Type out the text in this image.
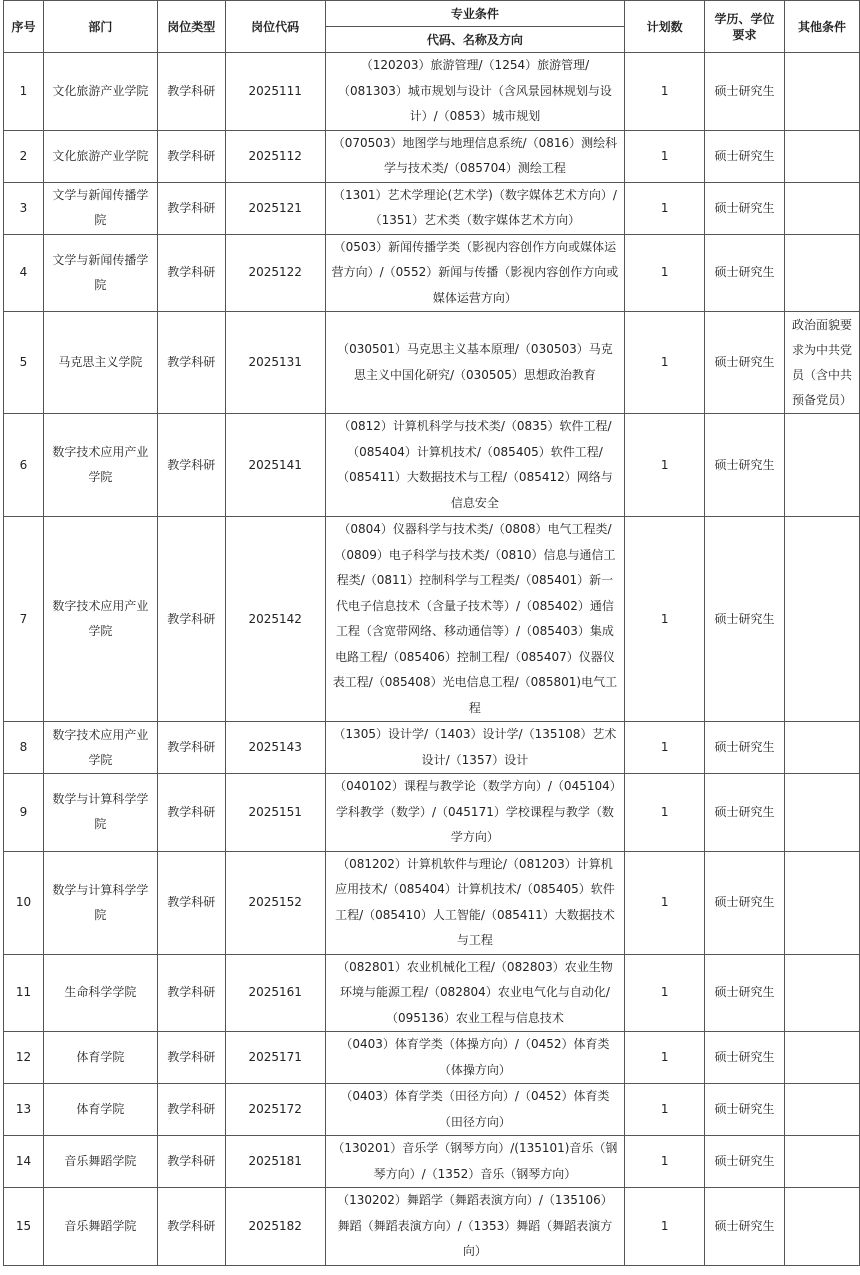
序号	部门	岗位类型	岗位代码	专业条件	计划数	学历、学位要求	其他条件
				代码、名称及方向			
1	文化旅游产业学院	教学科研	2025111	（120203）旅游管理/（1254）旅游管理/（081303）城市规划与设计（含风景园林规划与设计）/（0853）城市规划	1	硕士研究生	
2	文化旅游产业学院	教学科研	2025112	（070503）地图学与地理信息系统/（0816）测绘科学与技术类/（085704）测绘工程	1	硕士研究生	
3	文学与新闻传播学院	教学科研	2025121	（1301）艺术学理论(艺术学)（数字媒体艺术方向）/（1351）艺术类（数字媒体艺术方向）	1	硕士研究生	
4	文学与新闻传播学院	教学科研	2025122	（0503）新闻传播学类（影视内容创作方向或媒体运营方向）/（0552）新闻与传播（影视内容创作方向或媒体运营方向）	1	硕士研究生	
5	马克思主义学院	教学科研	2025131	（030501）马克思主义基本原理/（030503）马克思主义中国化研究/（030505）思想政治教育	1	硕士研究生	政治面貌要求为中共党员（含中共预备党员）
6	数字技术应用产业学院	教学科研	2025141	（0812）计算机科学与技术类/（0835）软件工程/（085404）计算机技术/（085405）软件工程/（085411）大数据技术与工程/（085412）网络与信息安全	1	硕士研究生	
7	数字技术应用产业学院	教学科研	2025142	（0804）仪器科学与技术类/（0808）电气工程类/（0809）电子科学与技术类/（0810）信息与通信工程类/（0811）控制科学与工程类/（085401）新一代电子信息技术（含量子技术等）/（085402）通信工程（含宽带网络、移动通信等）/（085403）集成电路工程/（085406）控制工程/（085407）仪器仪表工程/（085408）光电信息工程/（085801)电气工程	1	硕士研究生	
8	数字技术应用产业学院	教学科研	2025143	（1305）设计学/（1403）设计学/（135108）艺术设计/（1357）设计	1	硕士研究生	
9	数学与计算科学学院	教学科研	2025151	（040102）课程与教学论（数学方向）/（045104）学科教学（数学）/（045171）学校课程与教学（数学方向）	1	硕士研究生	
10	数学与计算科学学院	教学科研	2025152	（081202）计算机软件与理论/（081203）计算机应用技术/（085404）计算机技术/（085405）软件工程/（085410）人工智能/（085411）大数据技术与工程	1	硕士研究生	
11	生命科学学院	教学科研	2025161	（082801）农业机械化工程/（082803）农业生物环境与能源工程/（082804）农业电气化与自动化/（095136）农业工程与信息技术	1	硕士研究生	
12	体育学院	教学科研	2025171	（0403）体育学类（体操方向）/（0452）体育类（体操方向）	1	硕士研究生	
13	体育学院	教学科研	2025172	（0403）体育学类（田径方向）/（0452）体育类（田径方向）	1	硕士研究生	
14	音乐舞蹈学院	教学科研	2025181	（130201）音乐学（钢琴方向）/(135101)音乐（钢琴方向）/（1352）音乐（钢琴方向）	1	硕士研究生	
15	音乐舞蹈学院	教学科研	2025182	（130202）舞蹈学（舞蹈表演方向）/（135106）舞蹈（舞蹈表演方向）/（1353）舞蹈（舞蹈表演方向）	1	硕士研究生	
